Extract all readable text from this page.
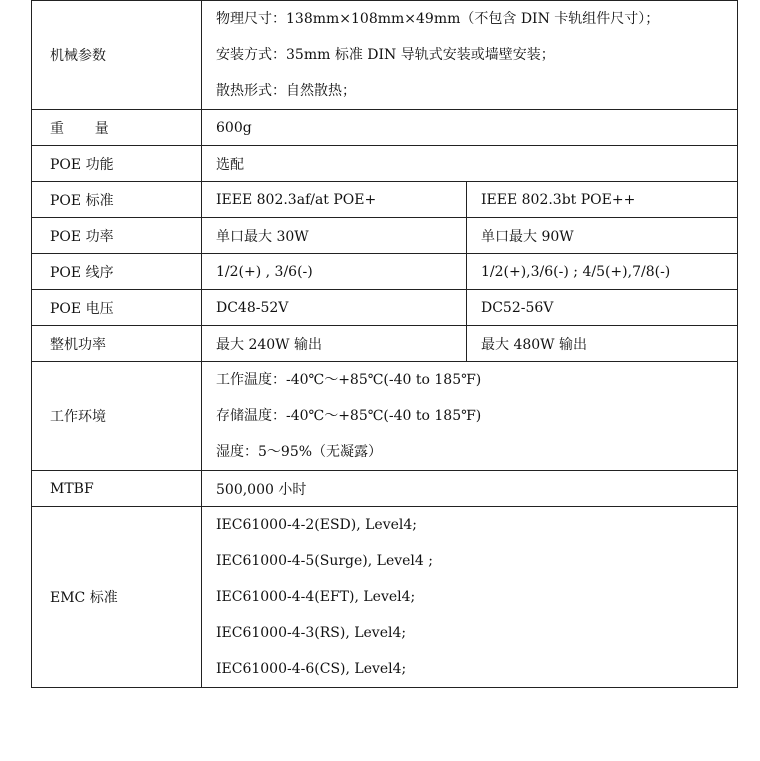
机械参数	物理尺寸：138mm×108mm×49mm（不包含 DIN 卡轨组件尺寸）；
安装方式：35mm 标准 DIN 导轨式安装或墙壁安装；
散热形式：自然散热；	

重 量	600g	
POE 功能	选配	
POE 标准	IEEE 802.3af/at POE+	IEEE 802.3bt POE++
POE 功率	单口最大 30W	单口最大 90W
POE 线序	1/2(+) , 3/6(-)	1/2(+),3/6(-) ; 4/5(+),7/8(-)
POE 电压	DC48-52V	DC52-56V
整机功率	最大 240W 输出	最大 480W 输出
工作环境	工作温度：-40℃～+85℃(-40 to 185℉)
存储温度：-40℃～+85℃(-40 to 185℉)
湿度：5～95%（无凝露）	

MTBF	500,000 小时	
EMC 标准	IEC61000-4-2(ESD), Level4;
IEC61000-4-5(Surge), Level4 ;
IEC61000-4-4(EFT), Level4;
IEC61000-4-3(RS), Level4;
IEC61000-4-6(CS), Level4;	
